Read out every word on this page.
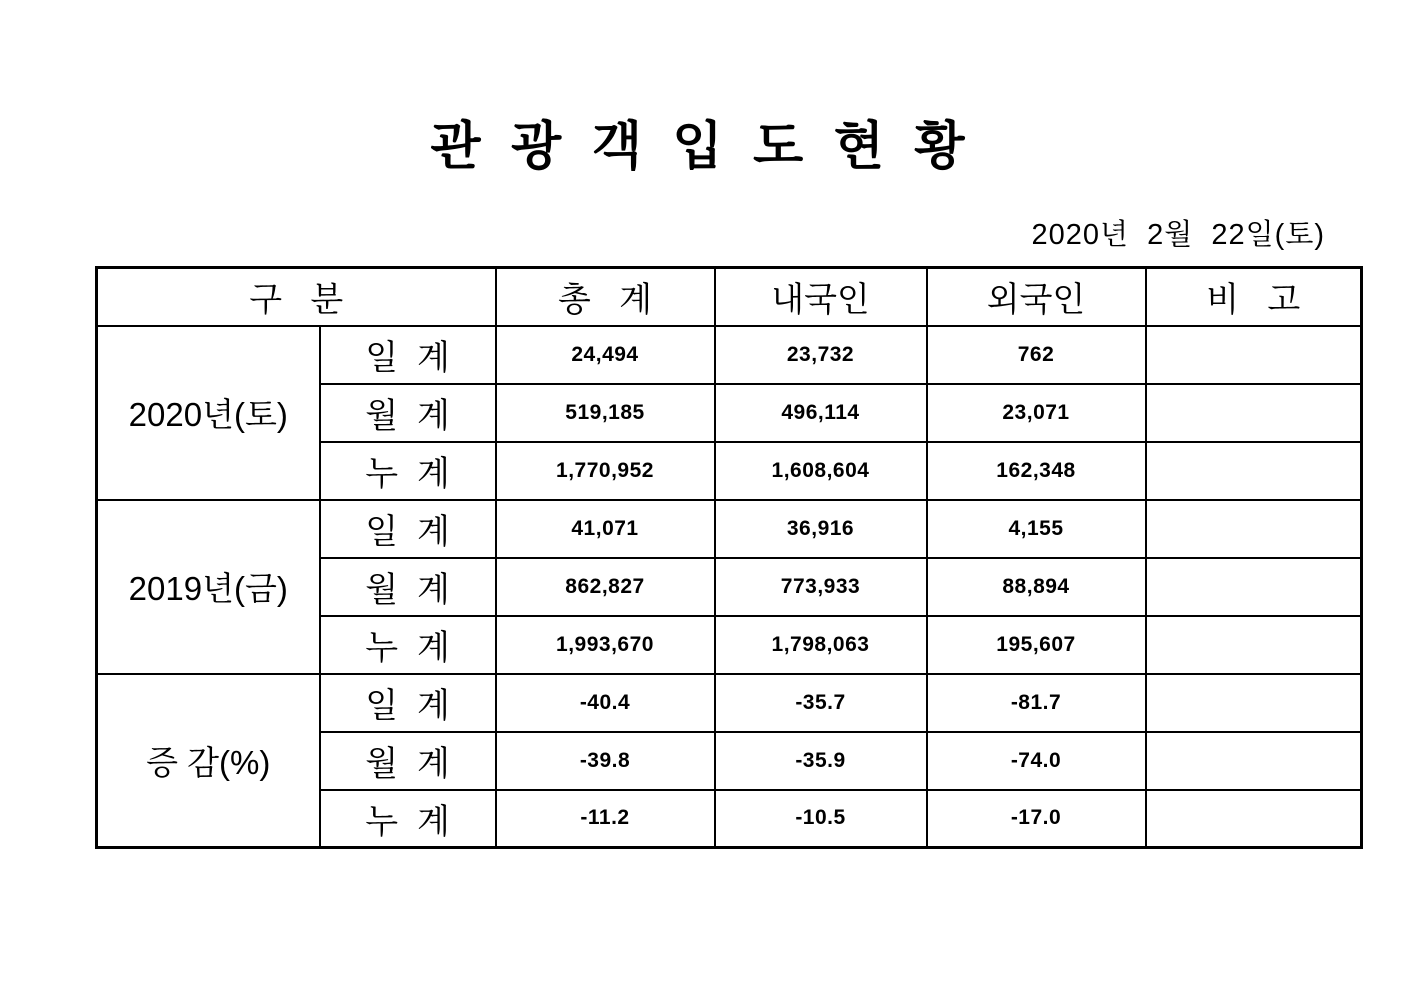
관 광 객 입 도 현 황
2020년  2월  22일(토)
구   분		총   계	내국인	외국인	비   고
2020년(토)	일  계	24,494	23,732	762	
	월  계	519,185	496,114	23,071	
	누  계	1,770,952	1,608,604	162,348	
2019년(금)	일  계	41,071	36,916	4,155	
	월  계	862,827	773,933	88,894	
	누  계	1,993,670	1,798,063	195,607	
증 감(%)	일  계	-40.4	-35.7	-81.7	
	월  계	-39.8	-35.9	-74.0	
	누  계	-11.2	-10.5	-17.0	
